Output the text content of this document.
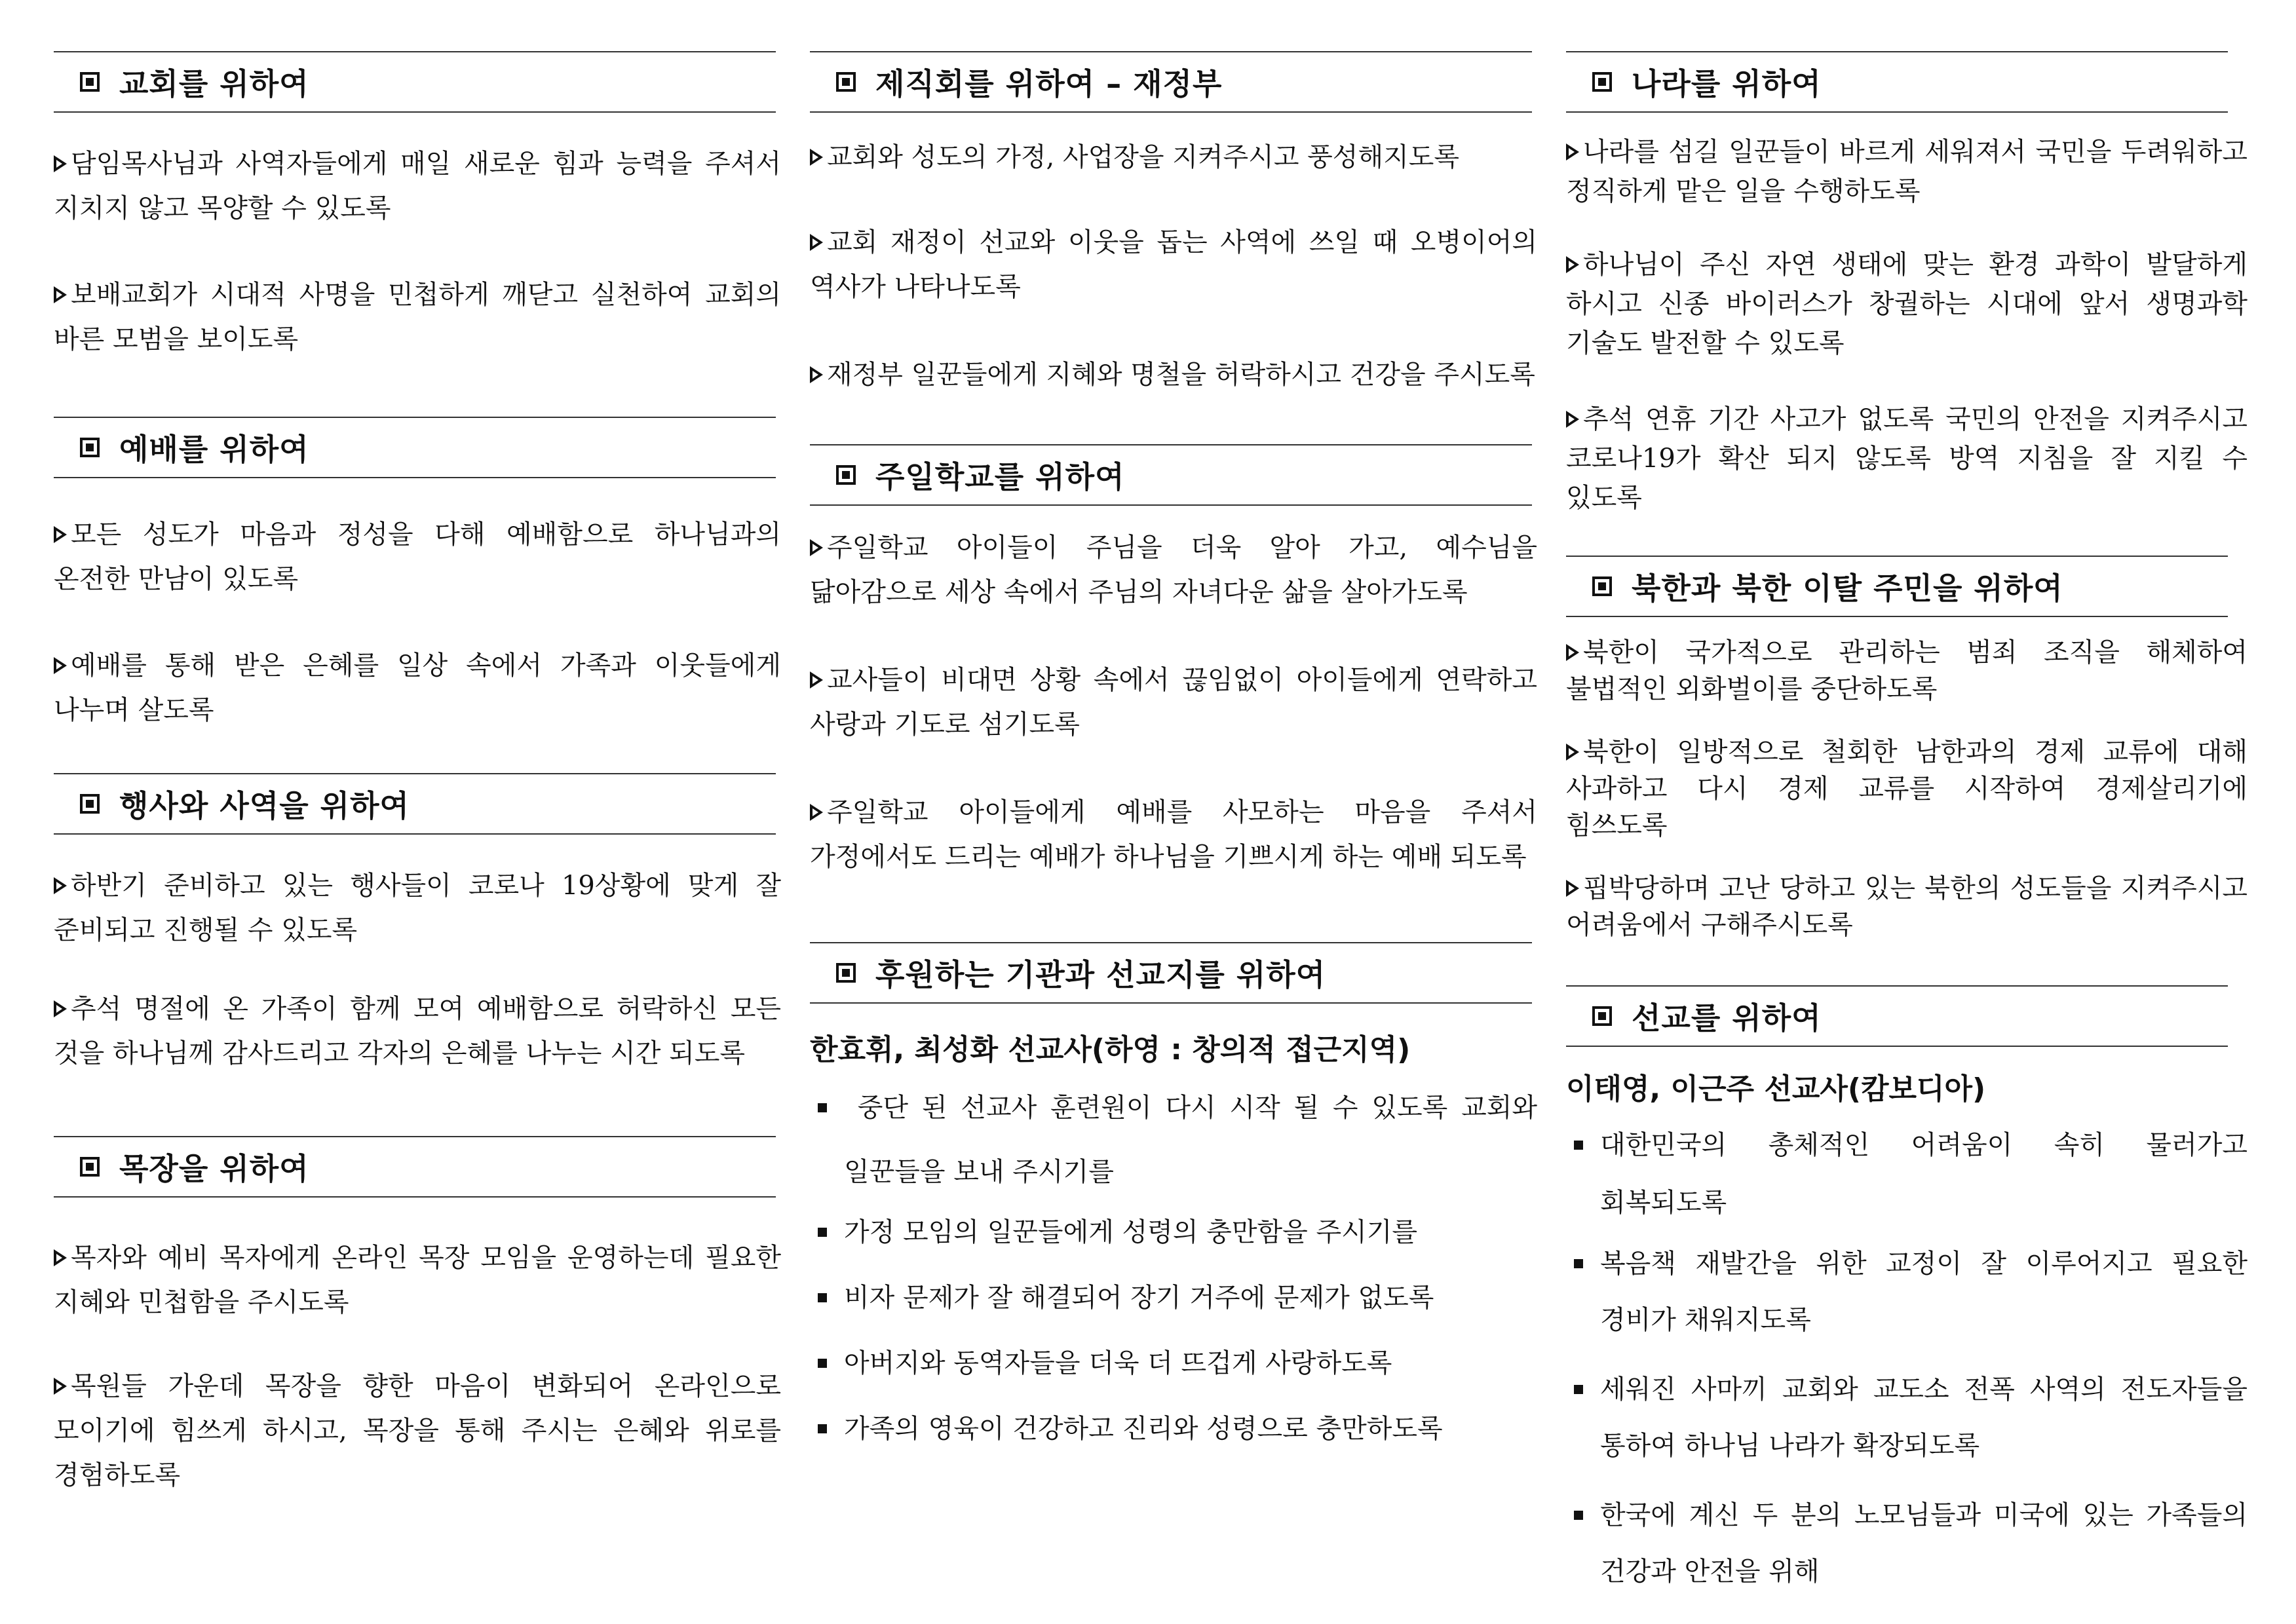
교회를 위하여
담임목사님과 사역자들에게 매일 새로운 힘과 능력을 주셔서 지치지 않고 목양할 수 있도록
보배교회가 시대적 사명을 민첩하게 깨닫고 실천하여 교회의 바른 모범을 보이도록
예배를 위하여
모든 성도가 마음과 정성을 다해 예배함으로 하나님과의 온전한 만남이 있도록
예배를 통해 받은 은혜를 일상 속에서 가족과 이웃들에게 나누며 살도록
행사와 사역을 위하여
하반기 준비하고 있는 행사들이 코로나 19상황에 맞게 잘 준비되고 진행될 수 있도록
추석 명절에 온 가족이 함께 모여 예배함으로 허락하신 모든 것을 하나님께 감사드리고 각자의 은혜를 나누는 시간 되도록
목장을 위하여
목자와 예비 목자에게 온라인 목장 모임을 운영하는데 필요한 지혜와 민첩함을 주시도록
목원들 가운데 목장을 향한 마음이 변화되어 온라인으로 모이기에 힘쓰게 하시고, 목장을 통해 주시는 은혜와 위로를 경험하도록
제직회를 위하여 – 재정부
교회와 성도의 가정, 사업장을 지켜주시고 풍성해지도록
교회 재정이 선교와 이웃을 돕는 사역에 쓰일 때 오병이어의 역사가 나타나도록
재정부 일꾼들에게 지혜와 명철을 허락하시고 건강을 주시도록
주일학교를 위하여
주일학교 아이들이 주님을 더욱 알아 가고, 예수님을 닮아감으로 세상 속에서 주님의 자녀다운 삶을 살아가도록
교사들이 비대면 상황 속에서 끊임없이 아이들에게 연락하고 사랑과 기도로 섬기도록
주일학교 아이들에게 예배를 사모하는 마음을 주셔서 가정에서도 드리는 예배가 하나님을 기쁘시게 하는 예배 되도록
후원하는 기관과 선교지를 위하여
한효휘, 최성화 선교사(하영 : 창의적 접근지역)
중단 된 선교사 훈련원이 다시 시작 될 수 있도록 교회와 일꾼들을 보내 주시기를
가정 모임의 일꾼들에게 성령의 충만함을 주시기를
비자 문제가 잘 해결되어 장기 거주에 문제가 없도록
아버지와 동역자들을 더욱 더 뜨겁게 사랑하도록
가족의 영육이 건강하고 진리와 성령으로 충만하도록
나라를 위하여
나라를 섬길 일꾼들이 바르게 세워져서 국민을 두려워하고 정직하게 맡은 일을 수행하도록
하나님이 주신 자연 생태에 맞는 환경 과학이 발달하게 하시고 신종 바이러스가 창궐하는 시대에 앞서 생명과학 기술도 발전할 수 있도록
추석 연휴 기간 사고가 없도록 국민의 안전을 지켜주시고 코로나19가 확산 되지 않도록 방역 지침을 잘 지킬 수 있도록
북한과 북한 이탈 주민을 위하여
북한이 국가적으로 관리하는 범죄 조직을 해체하여 불법적인 외화벌이를 중단하도록
북한이 일방적으로 철회한 남한과의 경제 교류에 대해 사과하고 다시 경제 교류를 시작하여 경제살리기에 힘쓰도록
핍박당하며 고난 당하고 있는 북한의 성도들을 지켜주시고 어려움에서 구해주시도록
선교를 위하여
이태영, 이근주 선교사(캄보디아)
대한민국의 총체적인 어려움이 속히 물러가고 회복되도록
복음책 재발간을 위한 교정이 잘 이루어지고 필요한 경비가 채워지도록
세워진 사마끼 교회와 교도소 전폭 사역의 전도자들을 통하여 하나님 나라가 확장되도록
한국에 계신 두 분의 노모님들과 미국에 있는 가족들의 건강과 안전을 위해
